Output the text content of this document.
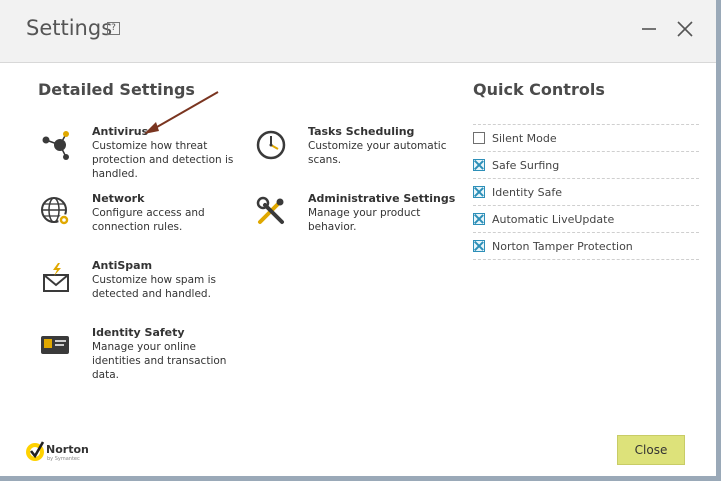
Settings
?
Detailed Settings	Quick Controls
Antivirus
Customize how threat protection and detection is handled.
Tasks Scheduling
Customize your automatic scans.
Network
Configure access and connection rules.
Administrative Settings
Manage your product behavior.
AntiSpam
Customize how spam is detected and handled.
Identity Safety
Manage your online identities and transaction data.
Silent Mode
Safe Surfing
Identity Safe
Automatic LiveUpdate
Norton Tamper Protection
Norton
by Symantec
Close
